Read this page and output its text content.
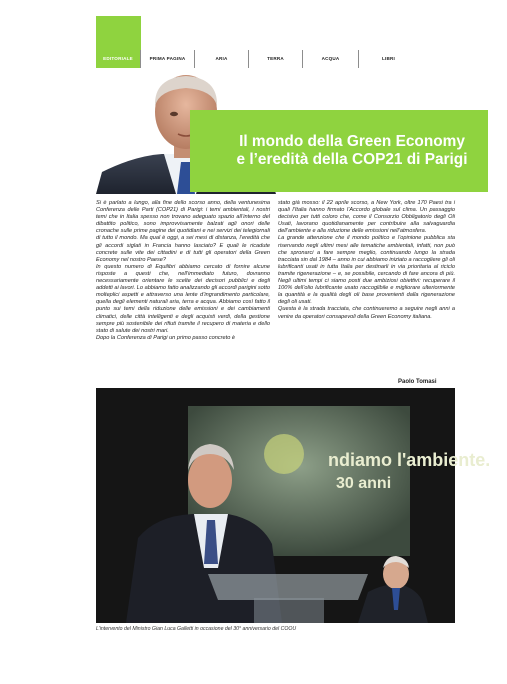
EDITORIALE	PRIMA PAGINA	ARIA	TERRA	ACQUA	LIBRI
Il mondo della Green Economy
e l’eredità della COP21 di Parigi

Si è parlato a lungo, alla fine dello scorso anno, della ventunesima Conferenza delle Parti (COP21) di Parigi: i temi ambientali, i nostri temi che in Italia spesso non trovano adeguato spazio all’interno del dibattito politico, sono improvvisamente balzati agli onori delle cronache sulle prime pagine dei quotidiani e nei servizi dei telegiornali di tutto il mondo. Ma qual è oggi, a sei mesi di distanza, l’eredità che gli accordi siglati in Francia hanno lasciato? E quali le ricadute concrete sulle vite dei cittadini e di tutti gli operatori della Green Economy nel nostro Paese?

In questo numero di Equilibri abbiamo cercato di fornire alcune risposte a questi che, nell’immediato futuro, dovranno necessariamente orientare le scelte dei decisori pubblici e degli addetti ai lavori. Lo abbiamo fatto analizzando gli accordi parigini sotto molteplici aspetti e attraverso una lente d’ingrandimento particolare, quella degli elementi naturali aria, terra e acqua. Abbiamo così fatto il punto sui temi della riduzione delle emissioni e dei cambiamenti climatici, delle città intelligenti e degli acquisti verdi, della gestione sempre più sostenibile dei rifiuti tramite il recupero di materia e dello stato di salute dei nostri mari.

Dopo la Conferenza di Parigi un primo passo concreto è

stato già mosso: il 22 aprile scorso, a New York, oltre 170 Paesi tra i quali l’Italia hanno firmato l’Accordo globale sul clima. Un passaggio decisivo per tutti coloro che, come il Consorzio Obbligatorio degli Oli Usati, lavorano quotidianamente per contribuire alla salvaguardia dell’ambiente e alla riduzione delle emissioni nell’atmosfera.

La grande attenzione che il mondo politico e l’opinione pubblica sta riservando negli ultimi mesi alle tematiche ambientali, infatti, non può che spronarci a fare sempre meglio, continuando lungo la strada tracciata sin dal 1984 – anno in cui abbiamo iniziato a raccogliere gli oli lubrificanti usati in tutta Italia per destinarli in via prioritaria al riciclo tramite rigenerazione – e, se possibile, cercando di fare ancora di più. Negli ultimi tempi ci siamo posti due ambiziosi obiettivi: recuperare il 100% dell’olio lubrificante usato raccoglibile e migliorare ulteriormente la quantità e la qualità degli oli base provenienti dalla rigenerazione degli oli usati.

Questa è la strada tracciata, che continueremo a seguire negli anni a venire da operatori consapevoli della Green Economy italiana.

Paolo Tomasi
ndiamo l'ambiente.
30 anni
L’intervento del Ministro Gian Luca Galletti in occasione del 30° anniversario del COOU
